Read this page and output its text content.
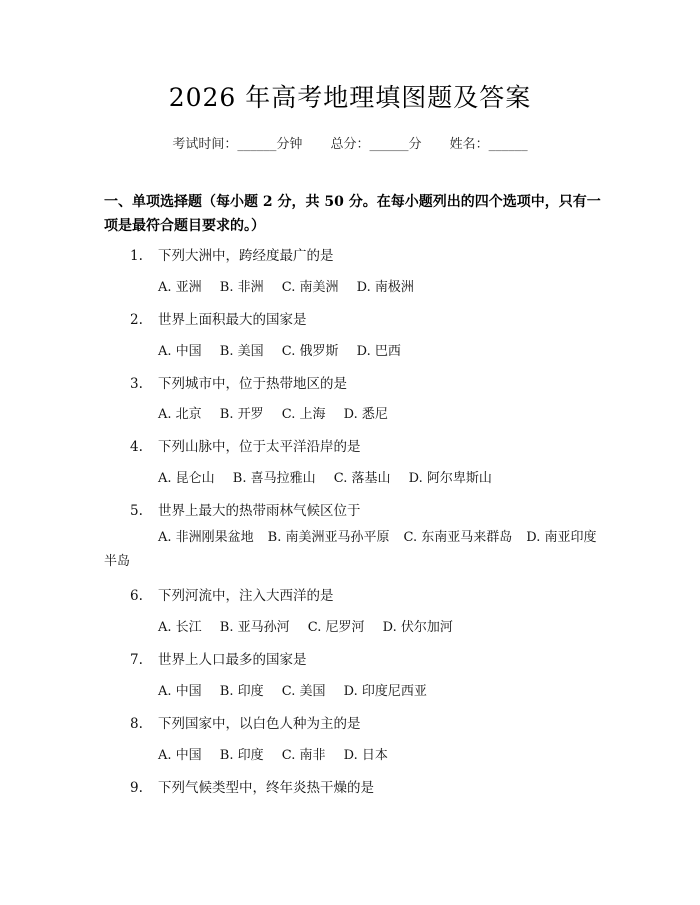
2026 年高考地理填图题及答案
考试时间：______分钟 总分：______分 姓名：______
一、单项选择题（每小题 2 分，共 50 分。在每小题列出的四个选项中，只有一项是最符合题目要求的。）
1. 下列大洲中，跨经度最广的是
A. 亚洲 B. 非洲 C. 南美洲 D. 南极洲
2. 世界上面积最大的国家是
A. 中国 B. 美国 C. 俄罗斯 D. 巴西
3. 下列城市中，位于热带地区的是
A. 北京 B. 开罗 C. 上海 D. 悉尼
4. 下列山脉中，位于太平洋沿岸的是
A. 昆仑山 B. 喜马拉雅山 C. 落基山 D. 阿尔卑斯山
5. 世界上最大的热带雨林气候区位于
A. 非洲刚果盆地 B. 南美洲亚马孙平原 C. 东南亚马来群岛 D. 南亚印度半岛
6. 下列河流中，注入大西洋的是
A. 长江 B. 亚马孙河 C. 尼罗河 D. 伏尔加河
7. 世界上人口最多的国家是
A. 中国 B. 印度 C. 美国 D. 印度尼西亚
8. 下列国家中，以白色人种为主的是
A. 中国 B. 印度 C. 南非 D. 日本
9. 下列气候类型中，终年炎热干燥的是
